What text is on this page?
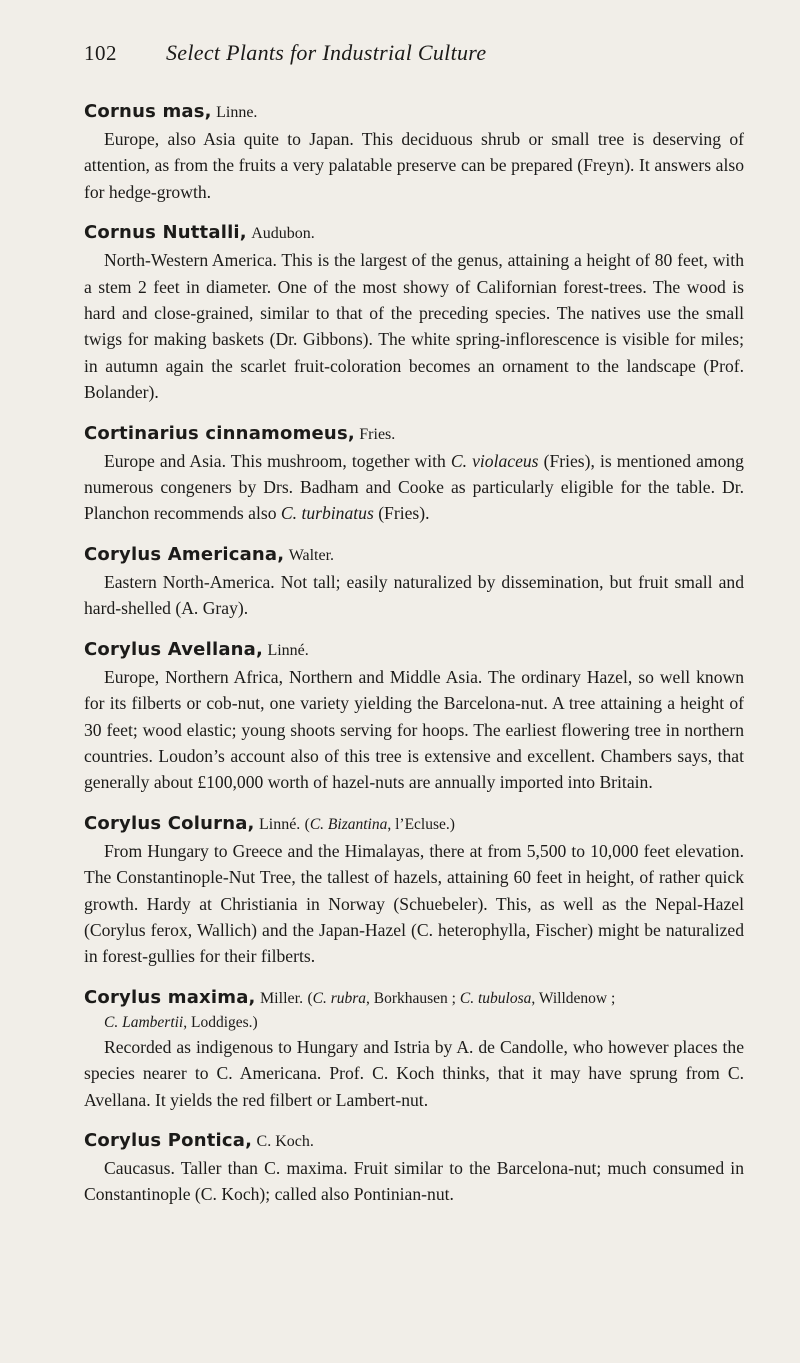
102	Select Plants for Industrial Culture
Cornus mas, Linne.
Europe, also Asia quite to Japan. This deciduous shrub or small tree is deserving of attention, as from the fruits a very palatable preserve can be prepared (Freyn). It answers also for hedge-growth.
Cornus Nuttalli, Audubon.
North-Western America. This is the largest of the genus, attaining a height of 80 feet, with a stem 2 feet in diameter. One of the most showy of Californian forest-trees. The wood is hard and close-grained, similar to that of the preceding species. The natives use the small twigs for making baskets (Dr. Gibbons). The white spring-inflorescence is visible for miles; in autumn again the scarlet fruit-coloration becomes an ornament to the landscape (Prof. Bolander).
Cortinarius cinnamomeus, Fries.
Europe and Asia. This mushroom, together with C. violaceus (Fries), is mentioned among numerous congeners by Drs. Badham and Cooke as particularly eligible for the table. Dr. Planchon recommends also C. turbinatus (Fries).
Corylus Americana, Walter.
Eastern North-America. Not tall; easily naturalized by dissemination, but fruit small and hard-shelled (A. Gray).
Corylus Avellana, Linné.
Europe, Northern Africa, Northern and Middle Asia. The ordinary Hazel, so well known for its filberts or cob-nut, one variety yielding the Barcelona-nut. A tree attaining a height of 30 feet; wood elastic; young shoots serving for hoops. The earliest flowering tree in northern countries. Loudon’s account also of this tree is extensive and excellent. Chambers says, that generally about £100,000 worth of hazel-nuts are annually imported into Britain.
Corylus Colurna, Linné. (C. Bizantina, l’Ecluse.)
From Hungary to Greece and the Himalayas, there at from 5,500 to 10,000 feet elevation. The Constantinople-Nut Tree, the tallest of hazels, attaining 60 feet in height, of rather quick growth. Hardy at Christiania in Norway (Schuebeler). This, as well as the Nepal-Hazel (Corylus ferox, Wallich) and the Japan-Hazel (C. heterophylla, Fischer) might be naturalized in forest-gullies for their filberts.
Corylus maxima, Miller. (C. rubra, Borkhausen ; C. tubulosa, Willdenow ;
C. Lambertii, Loddiges.)
Recorded as indigenous to Hungary and Istria by A. de Candolle, who however places the species nearer to C. Americana. Prof. C. Koch thinks, that it may have sprung from C. Avellana. It yields the red filbert or Lambert-nut.
Corylus Pontica, C. Koch.
Caucasus. Taller than C. maxima. Fruit similar to the Barcelona-nut; much consumed in Constantinople (C. Koch); called also Pontinian-nut.
